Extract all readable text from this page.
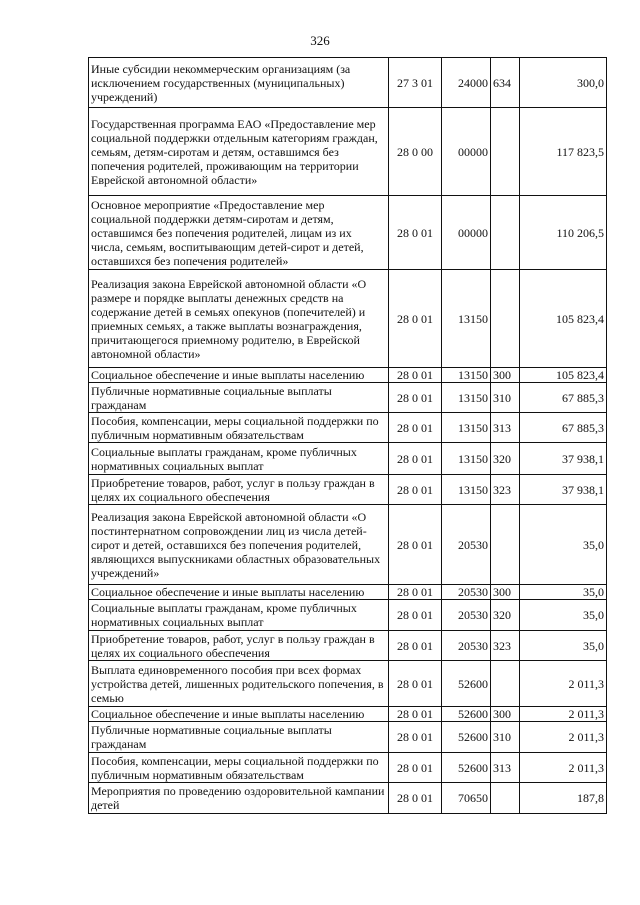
326
Иные субсидии некоммерческим организациям (за исключением государственных (муниципальных) учреждений)	27 3 01	24000	634	300,0
Государственная программа ЕАО «Предоставление мер социальной поддержки отдельным категориям граждан, семьям, детям-сиротам и детям, оставшимся без попечения родителей, проживающим на территории Еврейской автономной области»	28 0 00	00000		117 823,5
Основное мероприятие «Предоставление мер социальной поддержки детям-сиротам и детям, оставшимся без попечения родителей, лицам из их числа, семьям, воспитывающим детей-сирот и детей, оставшихся без попечения родителей»	28 0 01	00000		110 206,5
Реализация закона Еврейской автономной области «О размере и порядке выплаты денежных средств на содержание детей в семьях опекунов (попечителей) и приемных семьях, а также выплаты вознаграждения, причитающегося приемному родителю, в Еврейской автономной области»	28 0 01	13150		105 823,4
Социальное обеспечение и иные выплаты населению	28 0 01	13150	300	105 823,4
Публичные нормативные социальные выплаты гражданам	28 0 01	13150	310	67 885,3
Пособия, компенсации, меры социальной поддержки по публичным нормативным обязательствам	28 0 01	13150	313	67 885,3
Социальные выплаты гражданам, кроме публичных нормативных социальных выплат	28 0 01	13150	320	37 938,1
Приобретение товаров, работ, услуг в пользу граждан в целях их социального обеспечения	28 0 01	13150	323	37 938,1
Реализация закона Еврейской автономной области «О постинтернатном сопровождении лиц из числа детей-сирот и детей, оставшихся без попечения родителей, являющихся выпускниками областных образовательных учреждений»	28 0 01	20530		35,0
Социальное обеспечение и иные выплаты населению	28 0 01	20530	300	35,0
Социальные выплаты гражданам, кроме публичных нормативных социальных выплат	28 0 01	20530	320	35,0
Приобретение товаров, работ, услуг в пользу граждан в целях их социального обеспечения	28 0 01	20530	323	35,0
Выплата единовременного пособия при всех формах устройства детей, лишенных родительского попечения, в семью	28 0 01	52600		2 011,3
Социальное обеспечение и иные выплаты населению	28 0 01	52600	300	2 011,3
Публичные нормативные социальные выплаты гражданам	28 0 01	52600	310	2 011,3
Пособия, компенсации, меры социальной поддержки по публичным нормативным обязательствам	28 0 01	52600	313	2 011,3
Мероприятия по проведению оздоровительной кампании детей	28 0 01	70650		187,8
